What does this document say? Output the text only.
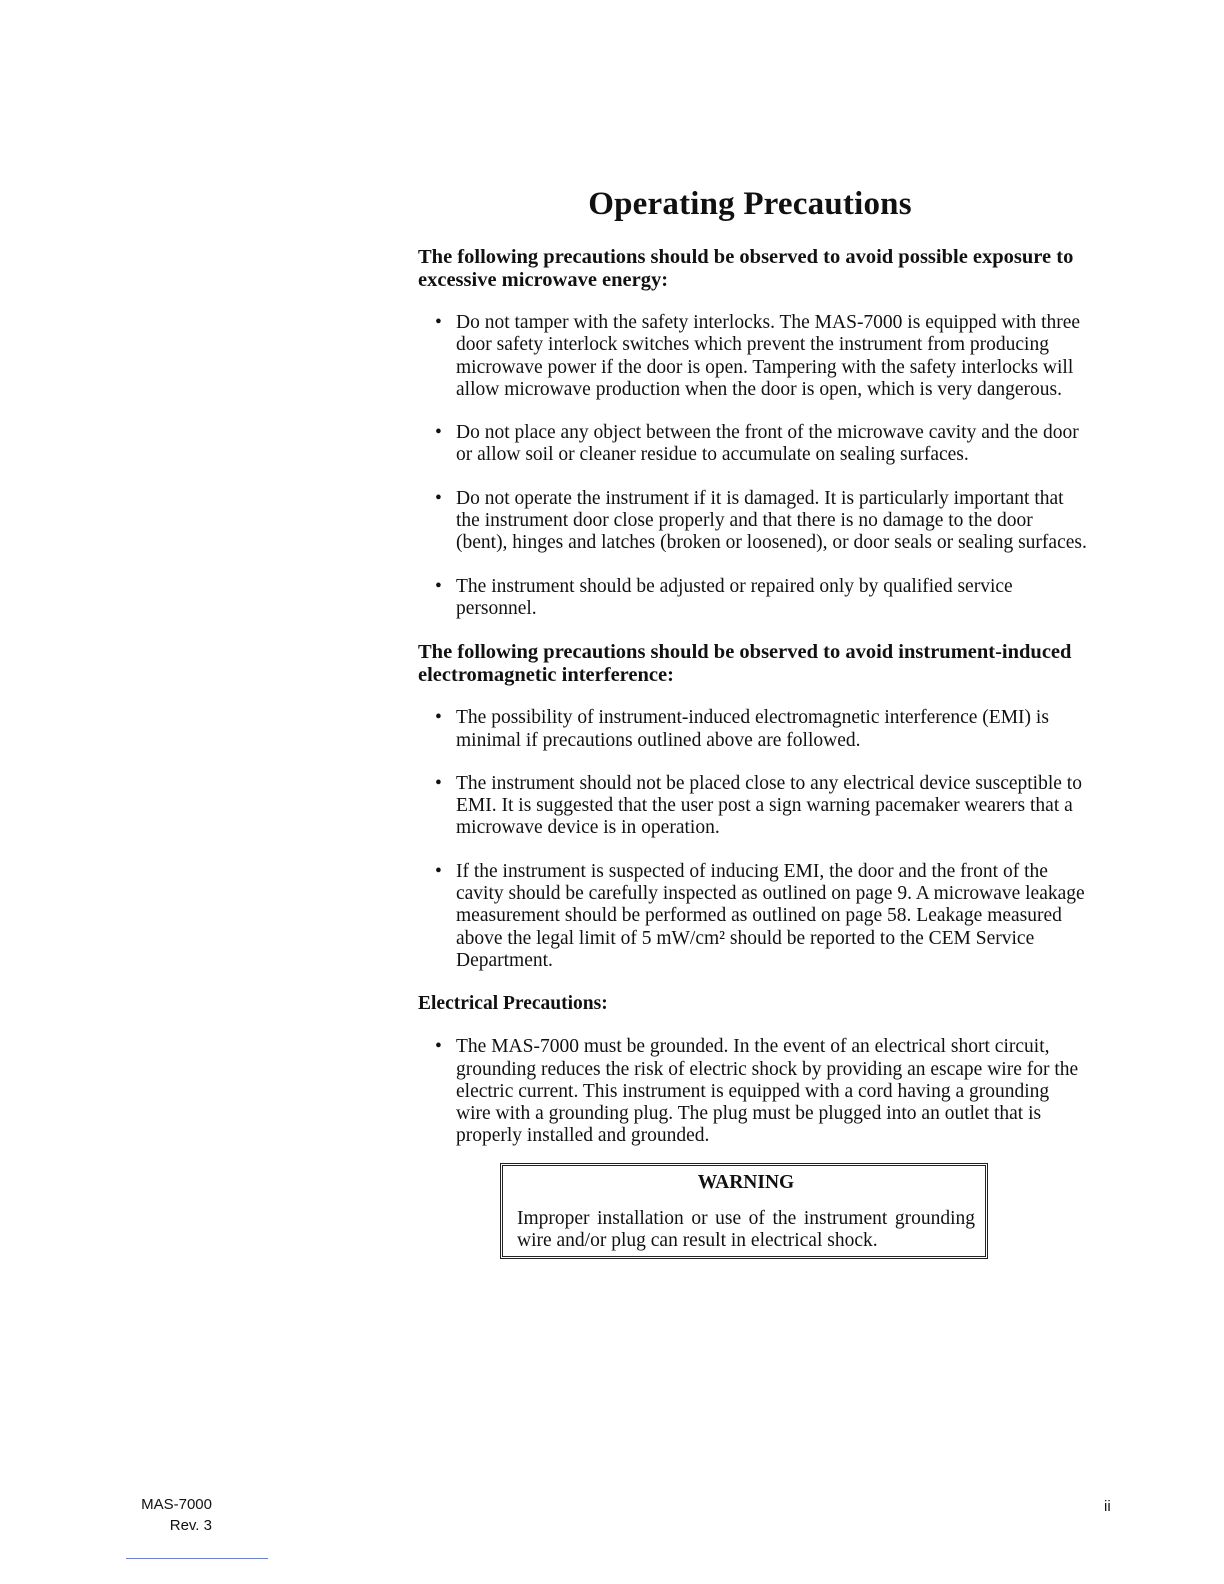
Operating Precautions

The following precautions should be observed to avoid possible exposure to excessive microwave energy:

• Do not tamper with the safety interlocks. The MAS-7000 is equipped with three door safety interlock switches which prevent the instrument from producing microwave power if the door is open. Tampering with the safety interlocks will allow microwave production when the door is open, which is very dangerous.
• Do not place any object between the front of the microwave cavity and the door or allow soil or cleaner residue to accumulate on sealing surfaces.
• Do not operate the instrument if it is damaged. It is particularly important that the instrument door close properly and that there is no damage to the door (bent), hinges and latches (broken or loosened), or door seals or sealing surfaces.
• The instrument should be adjusted or repaired only by qualified service personnel.

The following precautions should be observed to avoid instrument-induced electromagnetic interference:

• The possibility of instrument-induced electromagnetic interference (EMI) is minimal if precautions outlined above are followed.
• The instrument should not be placed close to any electrical device susceptible to EMI. It is suggested that the user post a sign warning pacemaker wearers that a microwave device is in operation.
• If the instrument is suspected of inducing EMI, the door and the front of the cavity should be carefully inspected as outlined on page 9. A microwave leakage measurement should be performed as outlined on page 58. Leakage measured above the legal limit of 5 mW/cm² should be reported to the CEM Service Department.

Electrical Precautions:

• The MAS-7000 must be grounded. In the event of an electrical short circuit, grounding reduces the risk of electric shock by providing an escape wire for the electric current. This instrument is equipped with a cord having a grounding wire with a grounding plug. The plug must be plugged into an outlet that is properly installed and grounded.

WARNING

Improper installation or use of the instrument grounding wire and/or plug can result in electrical shock.

MAS-7000
Rev. 3
ii
